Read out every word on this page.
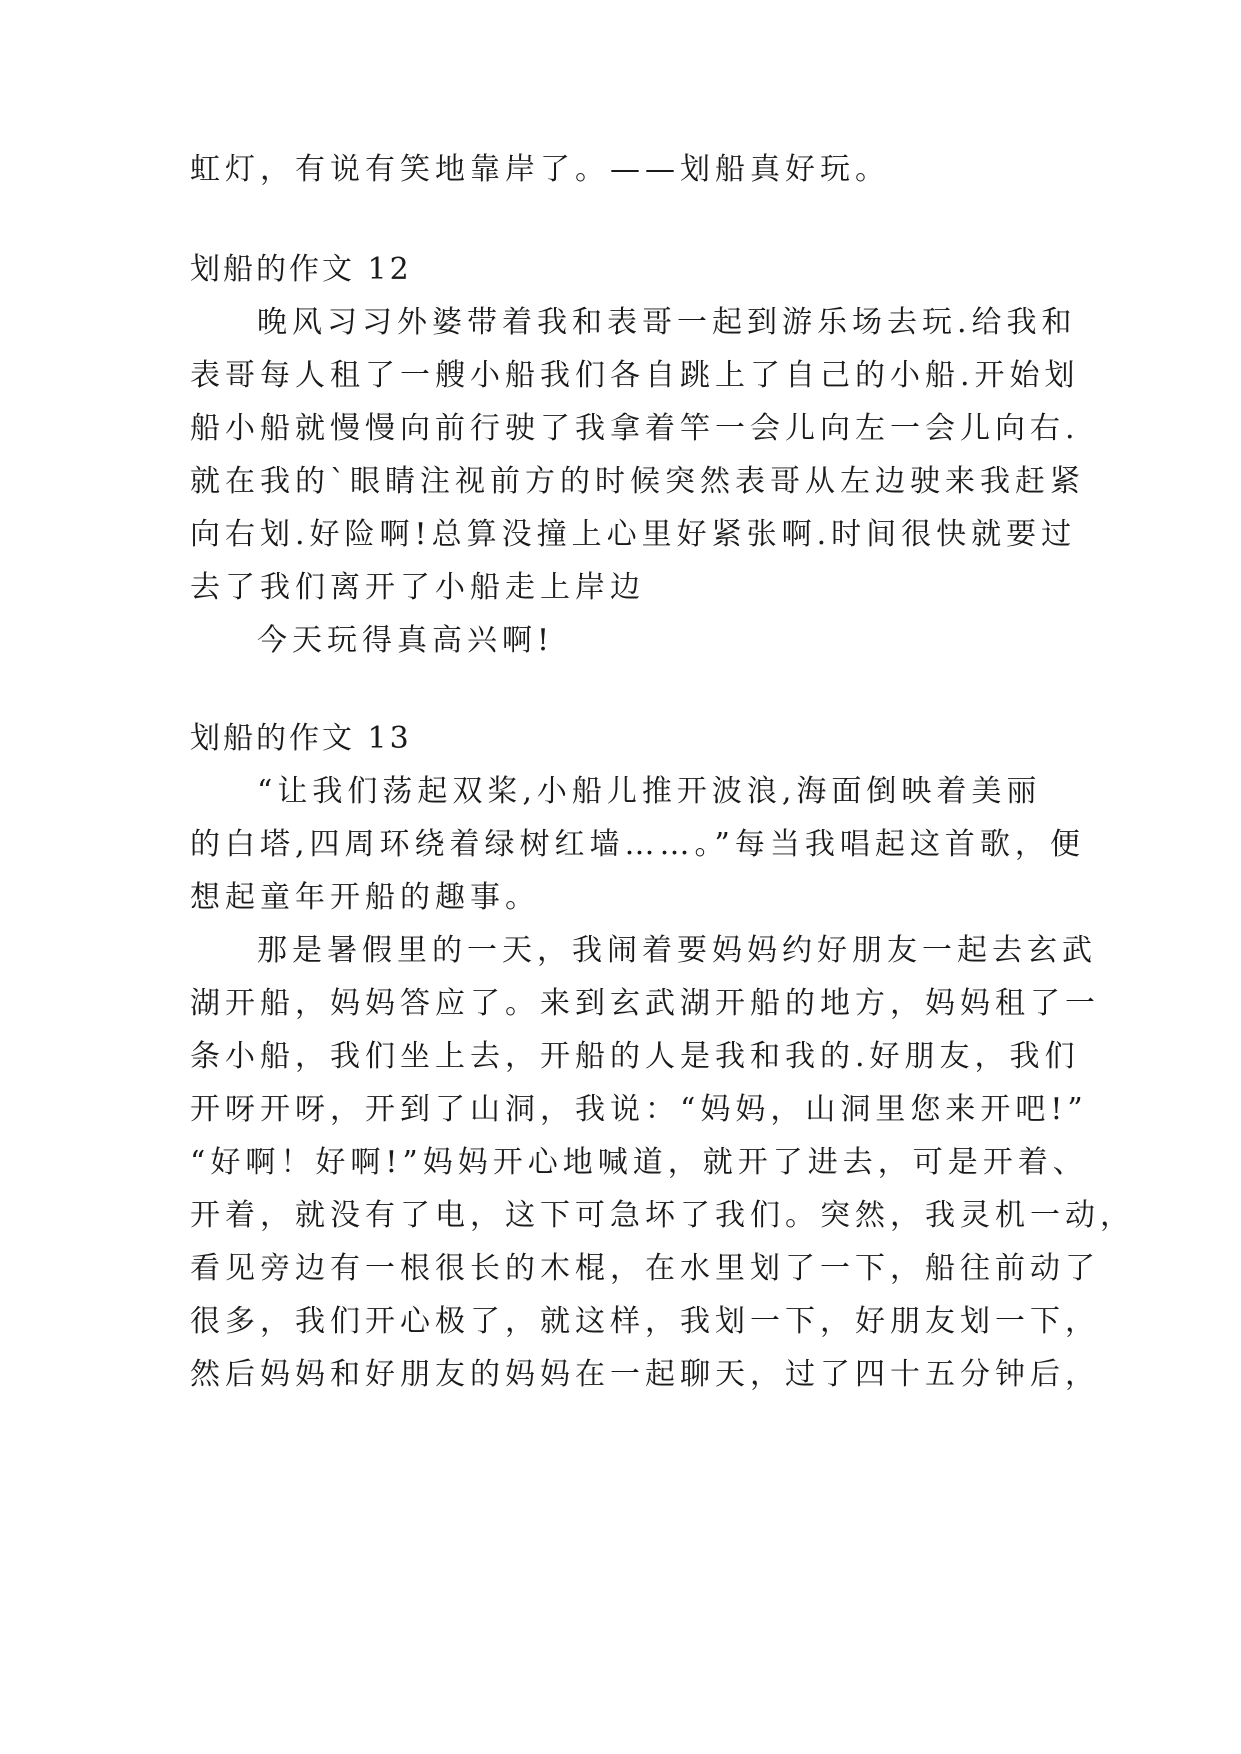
虹灯，有说有笑地靠岸了。——划船真好玩。
划船的作文 12
晚风习习外婆带着我和表哥一起到游乐场去玩.给我和
表哥每人租了一艘小船我们各自跳上了自己的小船.开始划
船小船就慢慢向前行驶了我拿着竿一会儿向左一会儿向右.
就在我的`眼睛注视前方的时候突然表哥从左边驶来我赶紧
向右划.好险啊!总算没撞上心里好紧张啊.时间很快就要过
去了我们离开了小船走上岸边
今天玩得真高兴啊!
划船的作文 13
“让我们荡起双桨,小船儿推开波浪,海面倒映着美丽
的白塔,四周环绕着绿树红墙……。”每当我唱起这首歌，便
想起童年开船的趣事。
那是暑假里的一天，我闹着要妈妈约好朋友一起去玄武
湖开船，妈妈答应了。来到玄武湖开船的地方，妈妈租了一
条小船，我们坐上去，开船的人是我和我的.好朋友，我们
开呀开呀，开到了山洞，我说：“妈妈，山洞里您来开吧!”
“好啊！好啊!”妈妈开心地喊道，就开了进去，可是开着、
开着，就没有了电，这下可急坏了我们。突然，我灵机一动，
看见旁边有一根很长的木棍，在水里划了一下，船往前动了
很多，我们开心极了，就这样，我划一下，好朋友划一下，
然后妈妈和好朋友的妈妈在一起聊天，过了四十五分钟后，
